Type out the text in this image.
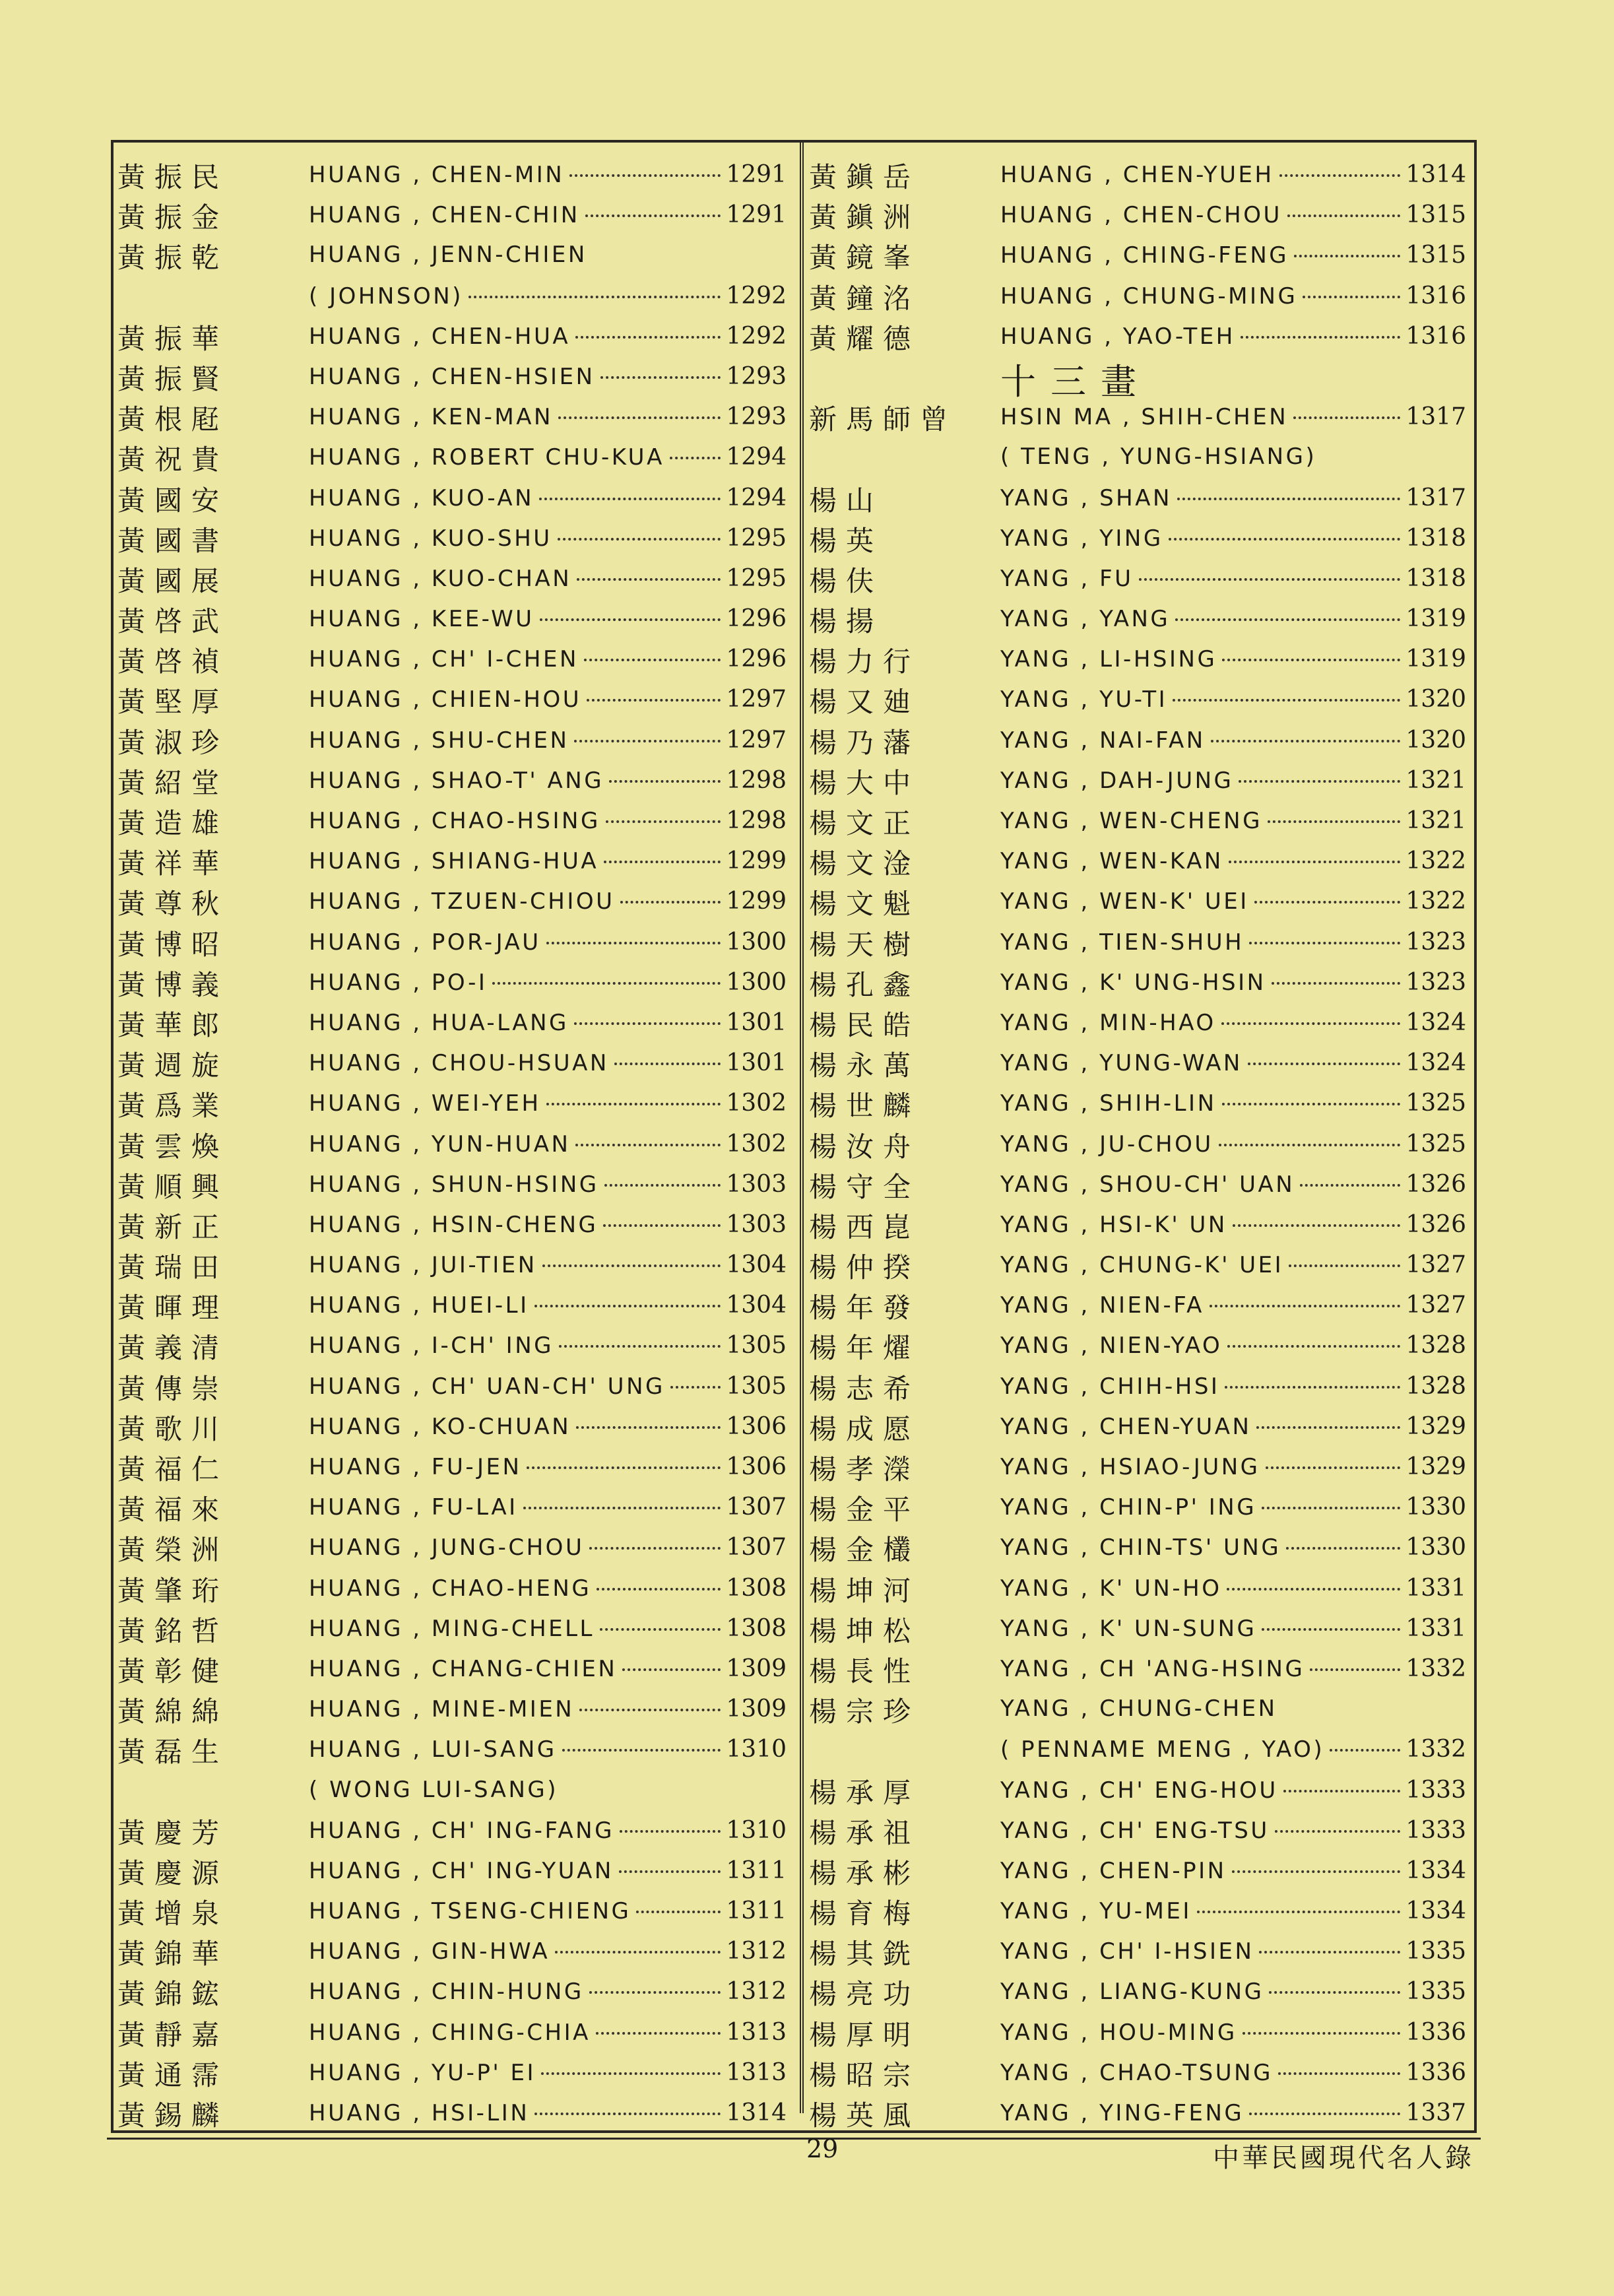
黃振民	HUANG , CHEN-MIN	1291
黃振金	HUANG , CHEN-CHIN	1291
黃振乾	HUANG , JENN-CHIEN
( JOHNSON)	1292
黃振華	HUANG , CHEN-HUA	1292
黃振賢	HUANG , CHEN-HSIEN	1293
黃根屘	HUANG , KEN-MAN	1293
黃祝貴	HUANG , ROBERT CHU-KUA	1294
黃國安	HUANG , KUO-AN	1294
黃國書	HUANG , KUO-SHU	1295
黃國展	HUANG , KUO-CHAN	1295
黃啓武	HUANG , KEE-WU	1296
黃啓禎	HUANG , CH' I-CHEN	1296
黃堅厚	HUANG , CHIEN-HOU	1297
黃淑珍	HUANG , SHU-CHEN	1297
黃紹堂	HUANG , SHAO-T' ANG	1298
黃造雄	HUANG , CHAO-HSING	1298
黃祥華	HUANG , SHIANG-HUA	1299
黃尊秋	HUANG , TZUEN-CHIOU	1299
黃博昭	HUANG , POR-JAU	1300
黃博義	HUANG , PO-I	1300
黃華郎	HUANG , HUA-LANG	1301
黃週旋	HUANG , CHOU-HSUAN	1301
黃爲業	HUANG , WEI-YEH	1302
黃雲煥	HUANG , YUN-HUAN	1302
黃順興	HUANG , SHUN-HSING	1303
黃新正	HUANG , HSIN-CHENG	1303
黃瑞田	HUANG , JUI-TIEN	1304
黃暉理	HUANG , HUEI-LI	1304
黃義清	HUANG , I-CH' ING	1305
黃傳崇	HUANG , CH' UAN-CH' UNG	1305
黃歌川	HUANG , KO-CHUAN	1306
黃福仁	HUANG , FU-JEN	1306
黃福來	HUANG , FU-LAI	1307
黃榮洲	HUANG , JUNG-CHOU	1307
黃肇珩	HUANG , CHAO-HENG	1308
黃銘哲	HUANG , MING-CHELL	1308
黃彰健	HUANG , CHANG-CHIEN	1309
黃綿綿	HUANG , MINE-MIEN	1309
黃磊生	HUANG , LUI-SANG	1310
( WONG LUI-SANG)
黃慶芳	HUANG , CH' ING-FANG	1310
黃慶源	HUANG , CH' ING-YUAN	1311
黃增泉	HUANG , TSENG-CHIENG	1311
黃錦華	HUANG , GIN-HWA	1312
黃錦鋐	HUANG , CHIN-HUNG	1312
黃靜嘉	HUANG , CHING-CHIA	1313
黃通霈	HUANG , YU-P' EI	1313
黃錫麟	HUANG , HSI-LIN	1314
黃鎭岳	HUANG , CHEN-YUEH	1314
黃鎭洲	HUANG , CHEN-CHOU	1315
黃鏡峯	HUANG , CHING-FENG	1315
黃鐘洺	HUANG , CHUNG-MING	1316
黃耀德	HUANG , YAO-TEH	1316
十三畫
新馬師曾 HSIN MA , SHIH-CHEN	1317
( TENG , YUNG-HSIANG)
楊山	YANG , SHAN	1317
楊英	YANG , YING	1318
楊伕	YANG , FU	1318
楊揚	YANG , YANG	1319
楊力行	YANG , LI-HSING	1319
楊又廸	YANG , YU-TI	1320
楊乃藩	YANG , NAI-FAN	1320
楊大中	YANG , DAH-JUNG	1321
楊文正	YANG , WEN-CHENG	1321
楊文淦	YANG , WEN-KAN	1322
楊文魁	YANG , WEN-K' UEI	1322
楊天樹	YANG , TIEN-SHUH	1323
楊孔鑫	YANG , K' UNG-HSIN	1323
楊民皓	YANG , MIN-HAO	1324
楊永萬	YANG , YUNG-WAN	1324
楊世麟	YANG , SHIH-LIN	1325
楊汝舟	YANG , JU-CHOU	1325
楊守全	YANG , SHOU-CH' UAN	1326
楊西崑	YANG , HSI-K' UN	1326
楊仲揆	YANG , CHUNG-K' UEI	1327
楊年發	YANG , NIEN-FA	1327
楊年燿	YANG , NIEN-YAO	1328
楊志希	YANG , CHIH-HSI	1328
楊成愿	YANG , CHEN-YUAN	1329
楊孝濚	YANG , HSIAO-JUNG	1329
楊金平	YANG , CHIN-P' ING	1330
楊金欉	YANG , CHIN-TS' UNG	1330
楊坤河	YANG , K' UN-HO	1331
楊坤松	YANG , K' UN-SUNG	1331
楊長性	YANG , CH 'ANG-HSING	1332
楊宗珍	YANG , CHUNG-CHEN
( PENNAME MENG , YAO)	1332
楊承厚	YANG , CH' ENG-HOU	1333
楊承祖	YANG , CH' ENG-TSU	1333
楊承彬	YANG , CHEN-PIN	1334
楊育梅	YANG , YU-MEI	1334
楊其銑	YANG , CH' I-HSIEN	1335
楊亮功	YANG , LIANG-KUNG	1335
楊厚明	YANG , HOU-MING	1336
楊昭宗	YANG , CHAO-TSUNG	1336
楊英風	YANG , YING-FENG	1337
29	中華民國現代名人錄
